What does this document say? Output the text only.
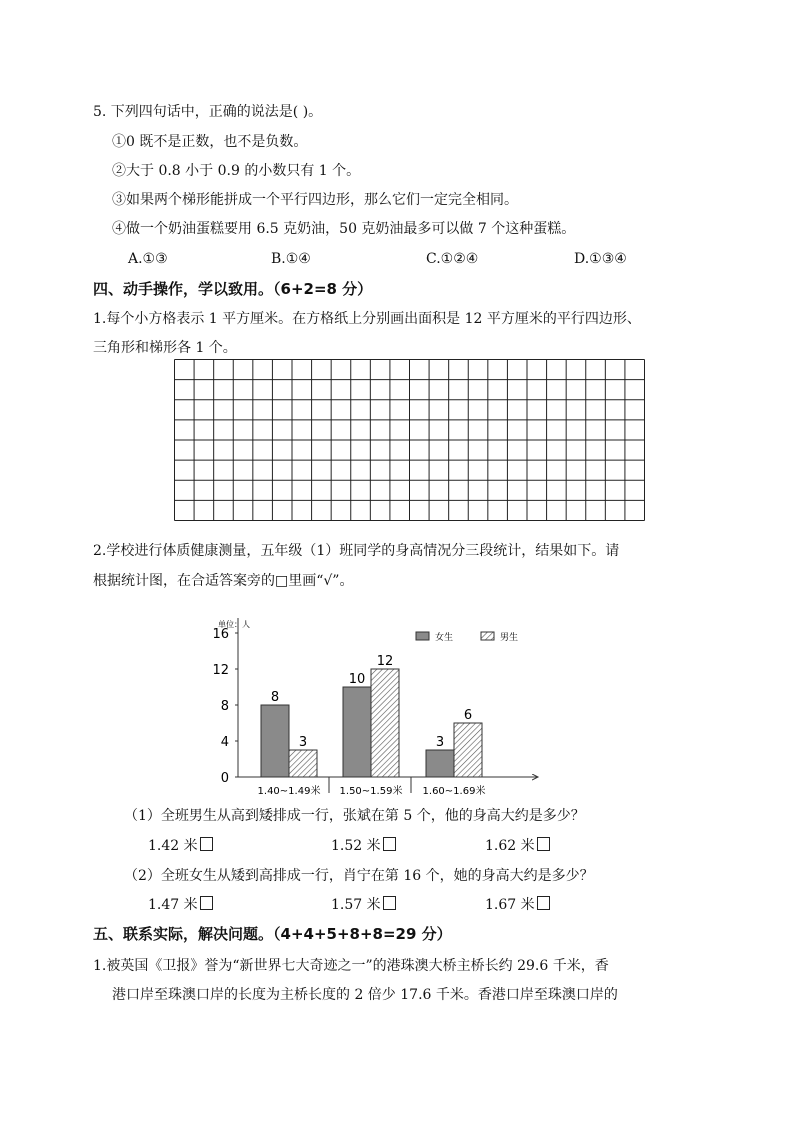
5. 下列四句话中，正确的说法是( )。
①0 既不是正数，也不是负数。
②大于 0.8 小于 0.9 的小数只有 1 个。
③如果两个梯形能拼成一个平行四边形，那么它们一定完全相同。
④做一个奶油蛋糕要用 6.5 克奶油，50 克奶油最多可以做 7 个这种蛋糕。
A.①③	B.①④	C.①②④	D.①③④
四、动手操作，学以致用。（6+2=8 分）
1.每个小方格表示 1 平方厘米。在方格纸上分别画出面积是 12 平方厘米的平行四边形、
三角形和梯形各 1 个。
2.学校进行体质健康测量，五年级（1）班同学的身高情况分三段统计，结果如下。请
根据统计图，在合适答案旁的□里画“√”。
单位：人
0
4
8
12
16
8
3
1.40~1.49米
10
12
1.50~1.59米
3
6
1.60~1.69米
女生	男生
（1）全班男生从高到矮排成一行，张斌在第 5 个，他的身高大约是多少？
1.42 米	1.52 米	1.62 米
（2）全班女生从矮到高排成一行，肖宁在第 16 个，她的身高大约是多少？
1.47 米	1.57 米	1.67 米
五、联系实际，解决问题。（4+4+5+8+8=29 分）
1.被英国《卫报》誉为“新世界七大奇迹之一”的港珠澳大桥主桥长约 29.6 千米，香
港口岸至珠澳口岸的长度为主桥长度的 2 倍少 17.6 千米。香港口岸至珠澳口岸的
